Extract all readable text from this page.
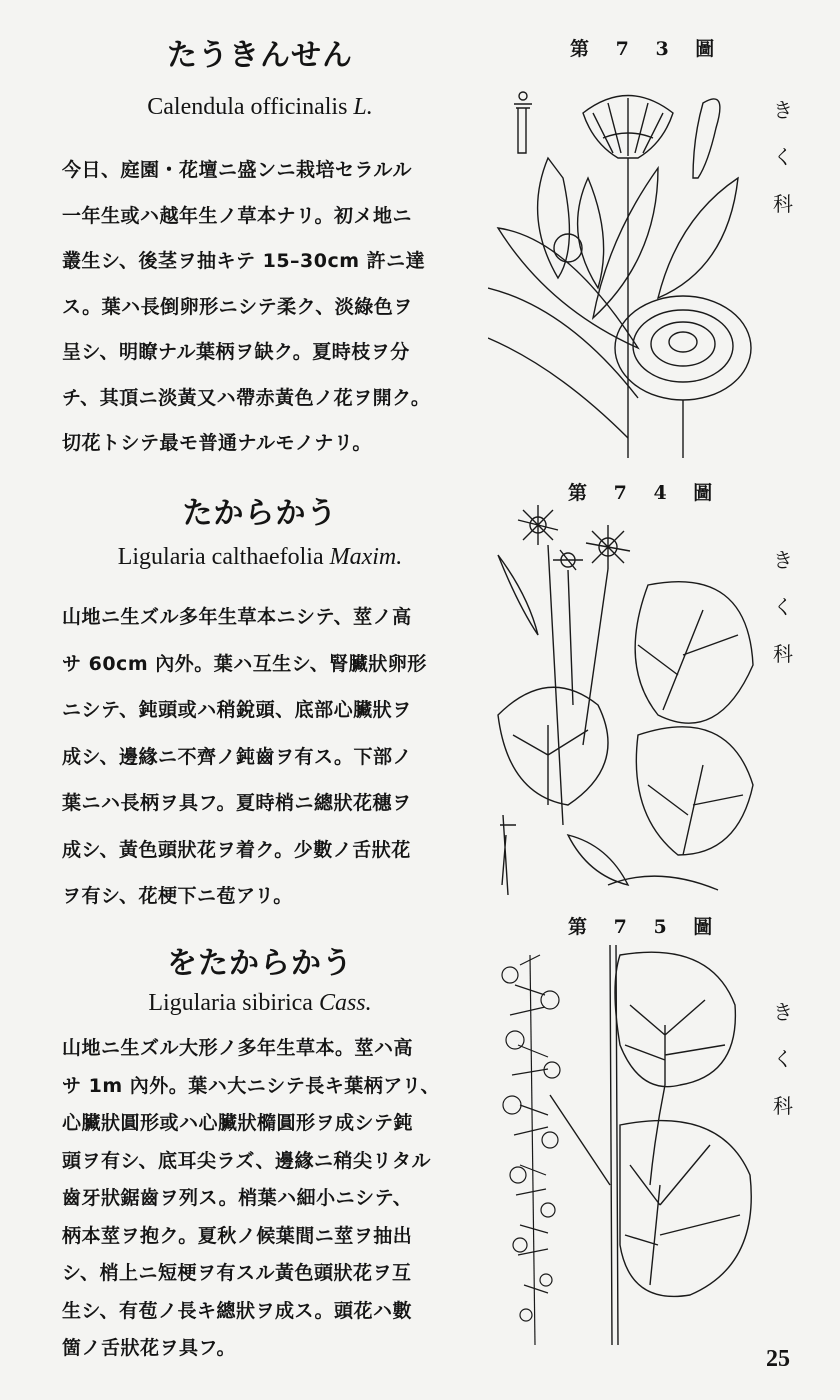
たうきんせん
Calendula officinalis L.
今日、庭園・花壇ニ盛ンニ栽培セラルル
一年生或ハ越年生ノ草本ナリ。初メ地ニ
叢生シ、後茎ヲ抽キテ 15–30cm 許ニ達
ス。葉ハ長倒卵形ニシテ柔ク、淡綠色ヲ
呈シ、明瞭ナル葉柄ヲ缺ク。夏時枝ヲ分
チ、其頂ニ淡黃又ハ帶赤黃色ノ花ヲ開ク。
切花トシテ最モ普通ナルモノナリ。
第 7 3 圖
き
く
科
たからかう
Ligularia calthaefolia Maxim.
山地ニ生ズル多年生草本ニシテ、莖ノ高
サ 60cm 內外。葉ハ互生シ、腎臟狀卵形
ニシテ、鈍頭或ハ稍銳頭、底部心臟狀ヲ
成シ、邊緣ニ不齊ノ鈍齒ヲ有ス。下部ノ
葉ニハ長柄ヲ具フ。夏時梢ニ總狀花穗ヲ
成シ、黃色頭狀花ヲ着ク。少數ノ舌狀花
ヲ有シ、花梗下ニ苞アリ。
第 7 4 圖
き
く
科
をたからかう
Ligularia sibirica Cass.
山地ニ生ズル大形ノ多年生草本。莖ハ高
サ 1m 內外。葉ハ大ニシテ長キ葉柄アリ、
心臟狀圓形或ハ心臟狀橢圓形ヲ成シテ鈍
頭ヲ有シ、底耳尖ラズ、邊緣ニ稍尖リタル
齒牙狀鋸齒ヲ列ス。梢葉ハ細小ニシテ、
柄本莖ヲ抱ク。夏秋ノ候葉間ニ莖ヲ抽出
シ、梢上ニ短梗ヲ有スル黃色頭狀花ヲ互
生シ、有苞ノ長キ總狀ヲ成ス。頭花ハ數
箇ノ舌狀花ヲ具フ。
第 7 5 圖
き
く
科
25
